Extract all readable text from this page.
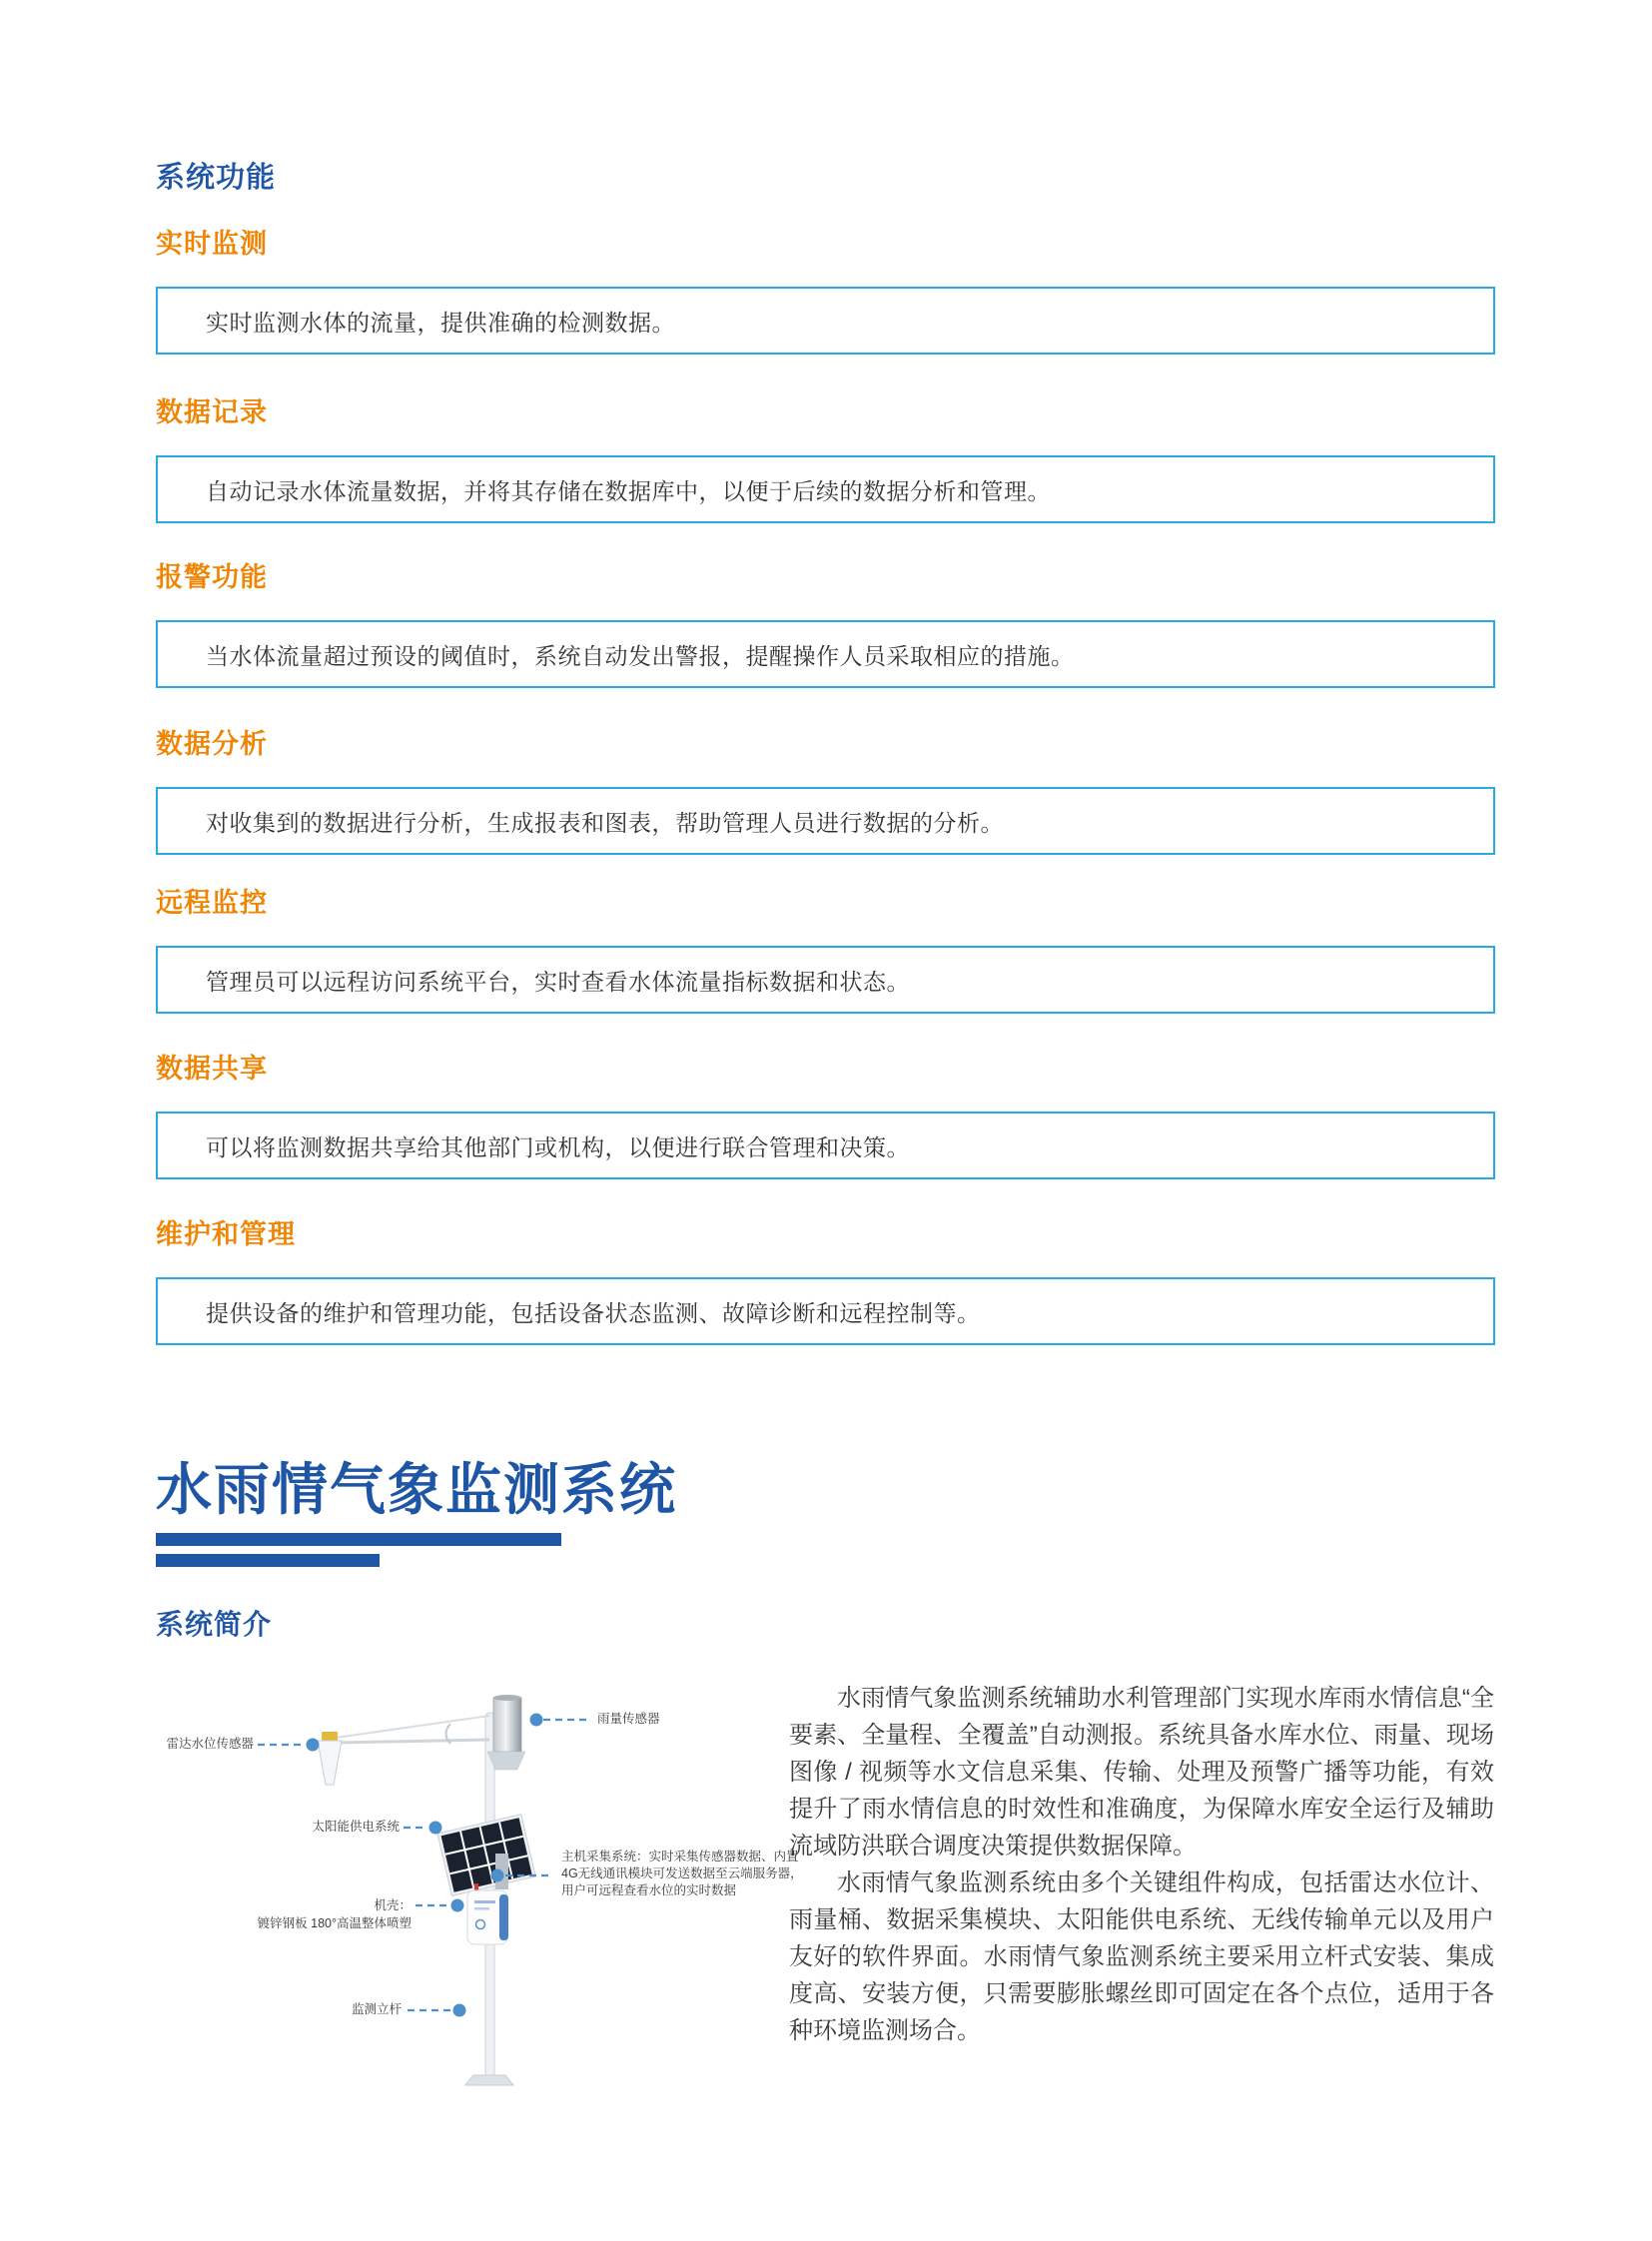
系统功能
实时监测
实时监测水体的流量，提供准确的检测数据。
数据记录
自动记录水体流量数据，并将其存储在数据库中，以便于后续的数据分析和管理。
报警功能
当水体流量超过预设的阈值时，系统自动发出警报，提醒操作人员采取相应的措施。
数据分析
对收集到的数据进行分析，生成报表和图表，帮助管理人员进行数据的分析。
远程监控
管理员可以远程访问系统平台，实时查看水体流量指标数据和状态。
数据共享
可以将监测数据共享给其他部门或机构，以便进行联合管理和决策。
维护和管理
提供设备的维护和管理功能，包括设备状态监测、故障诊断和远程控制等。
水雨情气象监测系统
系统简介

水雨情气象监测系统辅助水利管理部门实现水库雨水情信息“全要素、全量程、全覆盖”自动测报。系统具备水库水位、雨量、现场图像 / 视频等水文信息采集、传输、处理及预警广播等功能，有效提升了雨水情信息的时效性和准确度，为保障水库安全运行及辅助流域防洪联合调度决策提供数据保障。

水雨情气象监测系统由多个关键组件构成，包括雷达水位计、雨量桶、数据采集模块、太阳能供电系统、无线传输单元以及用户友好的软件界面。水雨情气象监测系统主要采用立杆式安装、集成度高、安装方便，只需要膨胀螺丝即可固定在各个点位，适用于各种环境监测场合。

雷达水位传感器
雨量传感器
太阳能供电系统
主机采集系统：实时采集传感器数据、内置4G无线通讯模块可发送数据至云端服务器，用户可远程查看水位的实时数据
机壳：
镀锌钢板 180°高温整体喷塑
监测立杆
